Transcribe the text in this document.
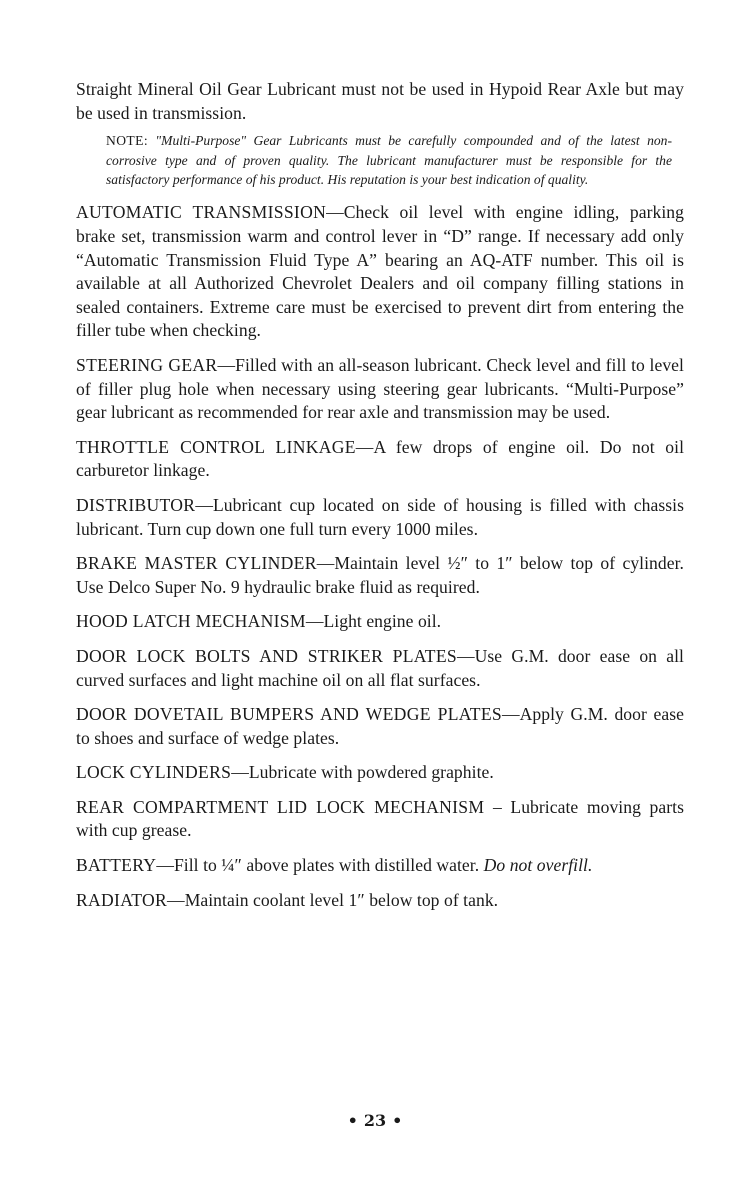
Straight Mineral Oil Gear Lubricant must not be used in Hypoid Rear Axle but may be used in transmission.

NOTE: "Multi-Purpose" Gear Lubricants must be carefully compounded and of the latest non-corrosive type and of proven quality. The lubricant manufacturer must be responsible for the satisfactory performance of his product. His reputation is your best indication of quality.

AUTOMATIC TRANSMISSION—Check oil level with engine idling, parking brake set, transmission warm and control lever in “D” range. If necessary add only “Automatic Transmission Fluid Type A” bearing an AQ-ATF number. This oil is available at all Authorized Chevrolet Dealers and oil company filling stations in sealed containers. Extreme care must be exercised to prevent dirt from entering the filler tube when checking.

STEERING GEAR—Filled with an all-season lubricant. Check level and fill to level of filler plug hole when necessary using steering gear lubricants. “Multi-Purpose” gear lubricant as recommended for rear axle and transmission may be used.

THROTTLE CONTROL LINKAGE—A few drops of engine oil. Do not oil carburetor linkage.

DISTRIBUTOR—Lubricant cup located on side of housing is filled with chassis lubricant. Turn cup down one full turn every 1000 miles.

BRAKE MASTER CYLINDER—Maintain level ½″ to 1″ below top of cylinder. Use Delco Super No. 9 hydraulic brake fluid as required.

HOOD LATCH MECHANISM—Light engine oil.

DOOR LOCK BOLTS AND STRIKER PLATES—Use G.M. door ease on all curved surfaces and light machine oil on all flat surfaces.

DOOR DOVETAIL BUMPERS AND WEDGE PLATES—Apply G.M. door ease to shoes and surface of wedge plates.

LOCK CYLINDERS—Lubricate with powdered graphite.

REAR COMPARTMENT LID LOCK MECHANISM – Lubricate moving parts with cup grease.

BATTERY—Fill to ¼″ above plates with distilled water. Do not overfill.

RADIATOR—Maintain coolant level 1″ below top of tank.

• 23 •
